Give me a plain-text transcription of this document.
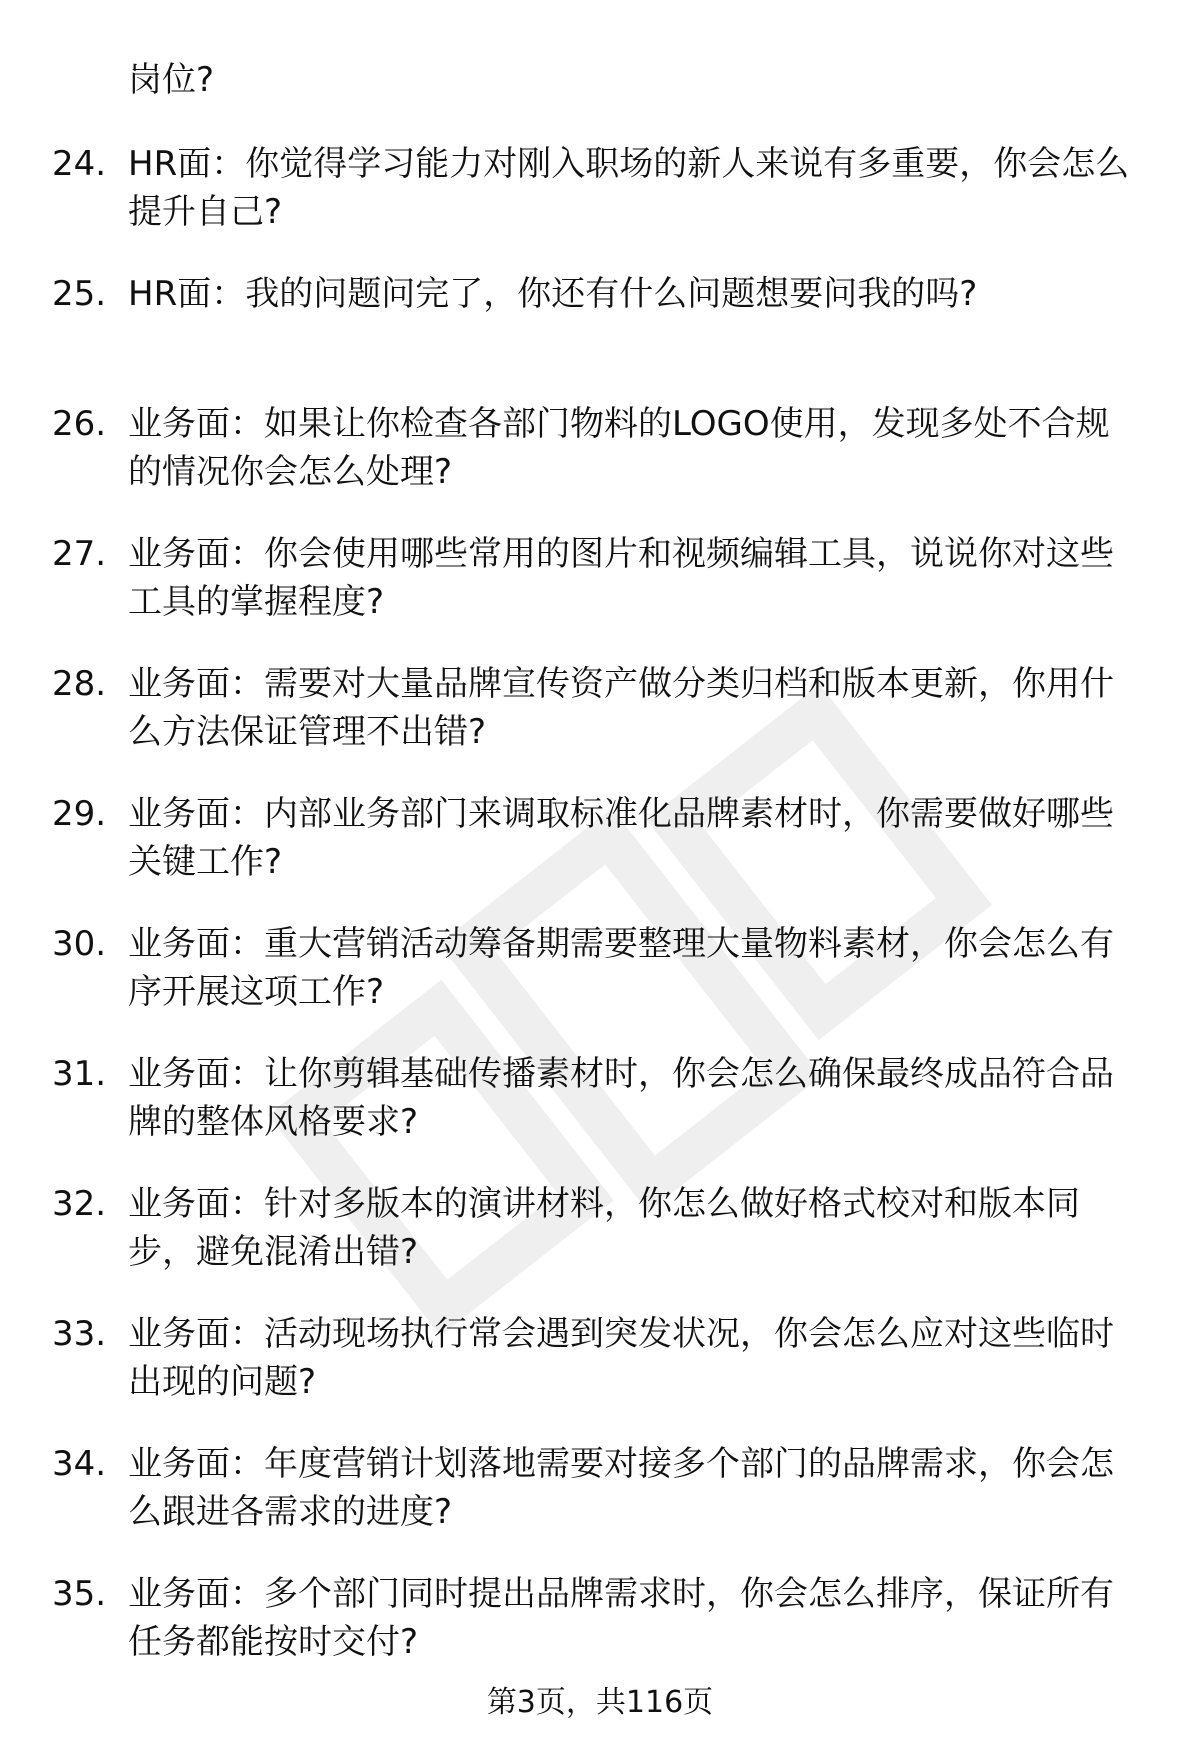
岗位?

24. HR面：你觉得学习能力对刚入职场的新人来说有多重要，你会怎么提升自己?

25. HR面：我的问题问完了，你还有什么问题想要问我的吗?

26. 业务面：如果让你检查各部门物料的LOGO使用，发现多处不合规的情况你会怎么处理?

27. 业务面：你会使用哪些常用的图片和视频编辑工具，说说你对这些工具的掌握程度?

28. 业务面：需要对大量品牌宣传资产做分类归档和版本更新，你用什么方法保证管理不出错?

29. 业务面：内部业务部门来调取标准化品牌素材时，你需要做好哪些关键工作?

30. 业务面：重大营销活动筹备期需要整理大量物料素材，你会怎么有序开展这项工作?

31. 业务面：让你剪辑基础传播素材时，你会怎么确保最终成品符合品牌的整体风格要求?

32. 业务面：针对多版本的演讲材料，你怎么做好格式校对和版本同步，避免混淆出错?

33. 业务面：活动现场执行常会遇到突发状况，你会怎么应对这些临时出现的问题?

34. 业务面：年度营销计划落地需要对接多个部门的品牌需求，你会怎么跟进各需求的进度?

35. 业务面：多个部门同时提出品牌需求时，你会怎么排序，保证所有任务都能按时交付?

第3页，共116页
